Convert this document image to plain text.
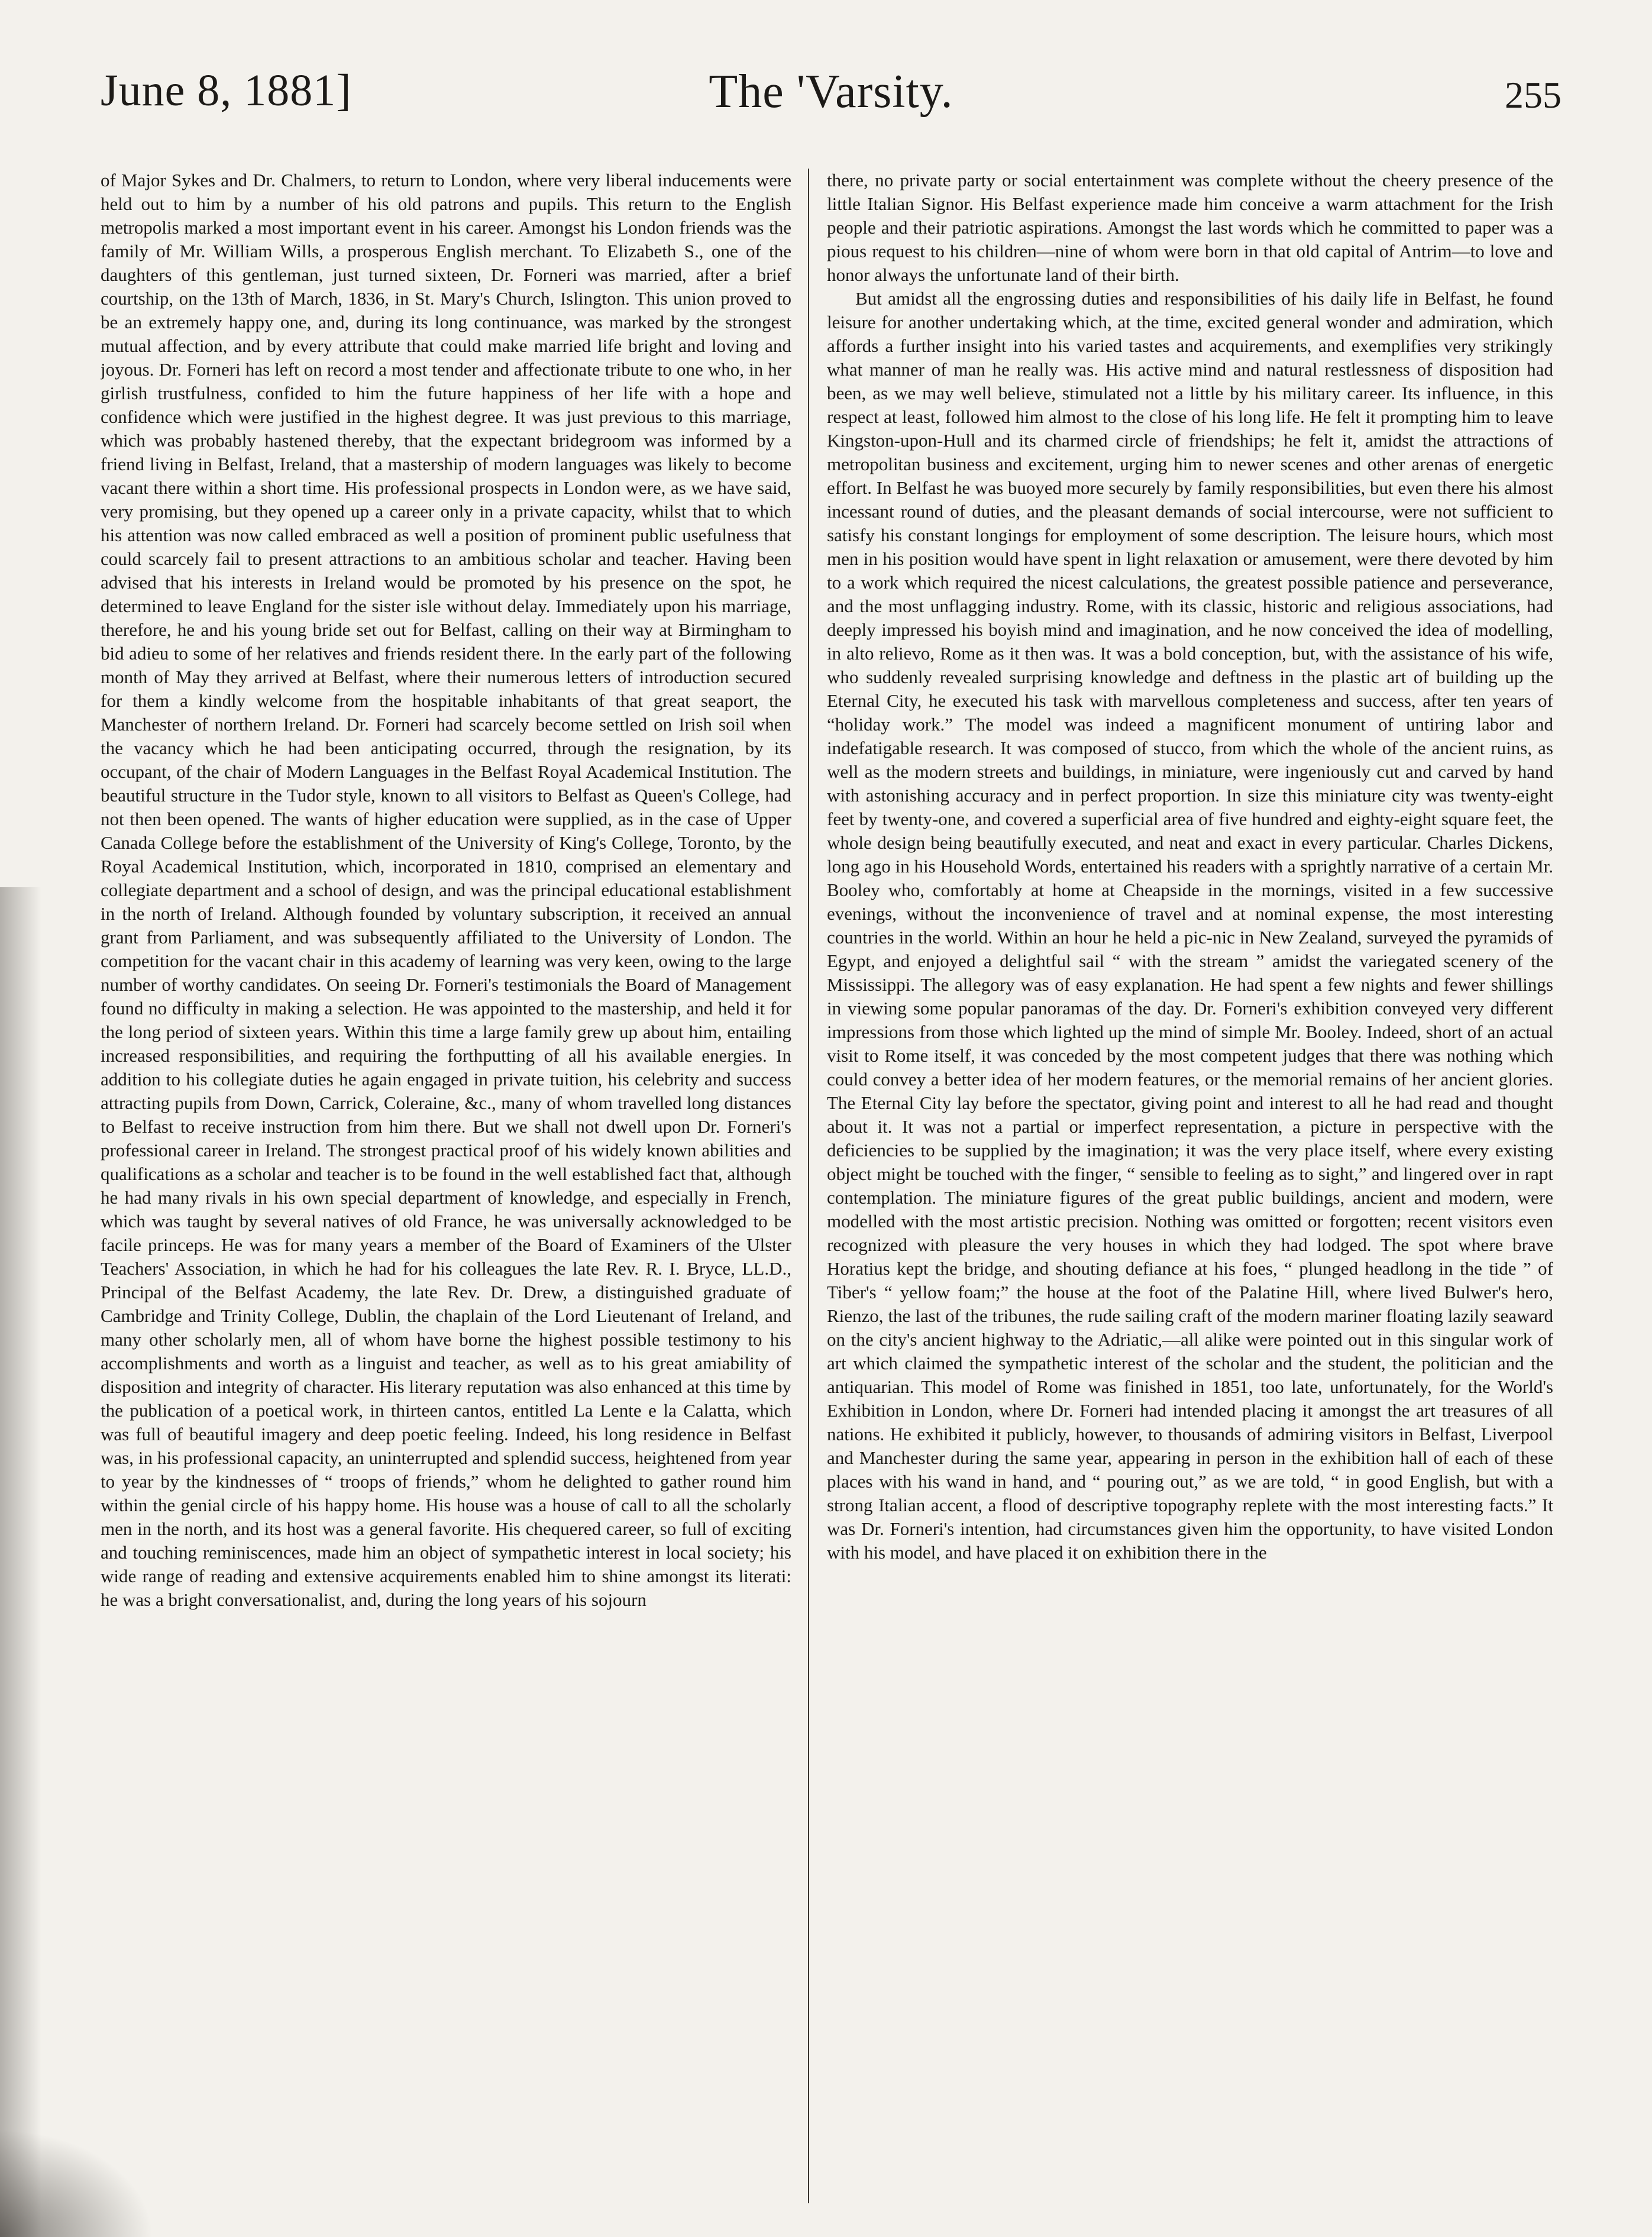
June 8, 1881]	The 'Varsity.	255

of Major Sykes and Dr. Chalmers, to return to London, where very liberal inducements were held out to him by a number of his old patrons and pupils. This return to the English metropolis marked a most important event in his career. Amongst his London friends was the family of Mr. William Wills, a prosperous English merchant. To Elizabeth S., one of the daughters of this gentleman, just turned sixteen, Dr. Forneri was married, after a brief courtship, on the 13th of March, 1836, in St. Mary's Church, Islington. This union proved to be an extremely happy one, and, during its long continuance, was marked by the strongest mutual affection, and by every attribute that could make married life bright and loving and joyous. Dr. Forneri has left on record a most tender and affectionate tribute to one who, in her girlish trustfulness, confided to him the future happiness of her life with a hope and confidence which were justified in the highest degree. It was just previous to this marriage, which was probably hastened thereby, that the expectant bridegroom was informed by a friend living in Belfast, Ireland, that a mastership of modern languages was likely to become vacant there within a short time. His professional prospects in London were, as we have said, very promising, but they opened up a career only in a private capacity, whilst that to which his attention was now called embraced as well a position of prominent public usefulness that could scarcely fail to present attractions to an ambitious scholar and teacher. Having been advised that his interests in Ireland would be promoted by his presence on the spot, he determined to leave England for the sister isle without delay. Immediately upon his marriage, therefore, he and his young bride set out for Belfast, calling on their way at Birmingham to bid adieu to some of her relatives and friends resident there. In the early part of the following month of May they arrived at Belfast, where their numerous letters of introduction secured for them a kindly welcome from the hospitable inhabitants of that great seaport, the Manchester of northern Ireland. Dr. Forneri had scarcely become settled on Irish soil when the vacancy which he had been anticipating occurred, through the resignation, by its occupant, of the chair of Modern Languages in the Belfast Royal Academical Institution. The beautiful structure in the Tudor style, known to all visitors to Belfast as Queen's College, had not then been opened. The wants of higher education were supplied, as in the case of Upper Canada College before the establishment of the University of King's College, Toronto, by the Royal Academical Institution, which, incorporated in 1810, comprised an elementary and collegiate department and a school of design, and was the principal educational establishment in the north of Ireland. Although founded by voluntary subscription, it received an annual grant from Parliament, and was subsequently affiliated to the University of London. The competition for the vacant chair in this academy of learning was very keen, owing to the large number of worthy candidates. On seeing Dr. Forneri's testimonials the Board of Management found no difficulty in making a selection. He was appointed to the mastership, and held it for the long period of sixteen years. Within this time a large family grew up about him, entailing increased responsibilities, and requiring the forthputting of all his available energies. In addition to his collegiate duties he again engaged in private tuition, his celebrity and success attracting pupils from Down, Carrick, Coleraine, &c., many of whom travelled long distances to Belfast to receive instruction from him there. But we shall not dwell upon Dr. Forneri's professional career in Ireland. The strongest practical proof of his widely known abilities and qualifications as a scholar and teacher is to be found in the well established fact that, although he had many rivals in his own special department of knowledge, and especially in French, which was taught by several natives of old France, he was universally acknowledged to be facile princeps. He was for many years a member of the Board of Examiners of the Ulster Teachers' Association, in which he had for his colleagues the late Rev. R. I. Bryce, LL.D., Principal of the Belfast Academy, the late Rev. Dr. Drew, a distinguished graduate of Cambridge and Trinity College, Dublin, the chaplain of the Lord Lieutenant of Ireland, and many other scholarly men, all of whom have borne the highest possible testimony to his accomplishments and worth as a linguist and teacher, as well as to his great amiability of disposition and integrity of character. His literary reputation was also enhanced at this time by the publication of a poetical work, in thirteen cantos, entitled La Lente e la Calatta, which was full of beautiful imagery and deep poetic feeling. Indeed, his long residence in Belfast was, in his professional capacity, an uninterrupted and splendid success, heightened from year to year by the kindnesses of “ troops of friends,” whom he delighted to gather round him within the genial circle of his happy home. His house was a house of call to all the scholarly men in the north, and its host was a general favorite. His chequered career, so full of exciting and touching reminiscences, made him an object of sympathetic interest in local society; his wide range of reading and extensive acquirements enabled him to shine amongst its literati: he was a bright conversationalist, and, during the long years of his sojourn

there, no private party or social entertainment was complete without the cheery presence of the little Italian Signor. His Belfast experience made him conceive a warm attachment for the Irish people and their patriotic aspirations. Amongst the last words which he committed to paper was a pious request to his children—nine of whom were born in that old capital of Antrim—to love and honor always the unfortunate land of their birth.

But amidst all the engrossing duties and responsibilities of his daily life in Belfast, he found leisure for another undertaking which, at the time, excited general wonder and admiration, which affords a further insight into his varied tastes and acquirements, and exemplifies very strikingly what manner of man he really was. His active mind and natural restlessness of disposition had been, as we may well believe, stimulated not a little by his military career. Its influence, in this respect at least, followed him almost to the close of his long life. He felt it prompting him to leave Kingston-upon-Hull and its charmed circle of friendships; he felt it, amidst the attractions of metropolitan business and excitement, urging him to newer scenes and other arenas of energetic effort. In Belfast he was buoyed more securely by family responsibilities, but even there his almost incessant round of duties, and the pleasant demands of social intercourse, were not sufficient to satisfy his constant longings for employment of some description. The leisure hours, which most men in his position would have spent in light relaxation or amusement, were there devoted by him to a work which required the nicest calculations, the greatest possible patience and perseverance, and the most unflagging industry. Rome, with its classic, historic and religious associations, had deeply impressed his boyish mind and imagination, and he now conceived the idea of modelling, in alto relievo, Rome as it then was. It was a bold conception, but, with the assistance of his wife, who suddenly revealed surprising knowledge and deftness in the plastic art of building up the Eternal City, he executed his task with marvellous completeness and success, after ten years of “holiday work.” The model was indeed a magnificent monument of untiring labor and indefatigable research. It was composed of stucco, from which the whole of the ancient ruins, as well as the modern streets and buildings, in miniature, were ingeniously cut and carved by hand with astonishing accuracy and in perfect proportion. In size this miniature city was twenty-eight feet by twenty-one, and covered a superficial area of five hundred and eighty-eight square feet, the whole design being beautifully executed, and neat and exact in every particular. Charles Dickens, long ago in his Household Words, entertained his readers with a sprightly narrative of a certain Mr. Booley who, comfortably at home at Cheapside in the mornings, visited in a few successive evenings, without the inconvenience of travel and at nominal expense, the most interesting countries in the world. Within an hour he held a pic-nic in New Zealand, surveyed the pyramids of Egypt, and enjoyed a delightful sail “ with the stream ” amidst the variegated scenery of the Mississippi. The allegory was of easy explanation. He had spent a few nights and fewer shillings in viewing some popular panoramas of the day. Dr. Forneri's exhibition conveyed very different impressions from those which lighted up the mind of simple Mr. Booley. Indeed, short of an actual visit to Rome itself, it was conceded by the most competent judges that there was nothing which could convey a better idea of her modern features, or the memorial remains of her ancient glories. The Eternal City lay before the spectator, giving point and interest to all he had read and thought about it. It was not a partial or imperfect representation, a picture in perspective with the deficiencies to be supplied by the imagination; it was the very place itself, where every existing object might be touched with the finger, “ sensible to feeling as to sight,” and lingered over in rapt contemplation. The miniature figures of the great public buildings, ancient and modern, were modelled with the most artistic precision. Nothing was omitted or forgotten; recent visitors even recognized with pleasure the very houses in which they had lodged. The spot where brave Horatius kept the bridge, and shouting defiance at his foes, “ plunged headlong in the tide ” of Tiber's “ yellow foam;” the house at the foot of the Palatine Hill, where lived Bulwer's hero, Rienzo, the last of the tribunes, the rude sailing craft of the modern mariner floating lazily seaward on the city's ancient highway to the Adriatic,—all alike were pointed out in this singular work of art which claimed the sympathetic interest of the scholar and the student, the politician and the antiquarian. This model of Rome was finished in 1851, too late, unfortunately, for the World's Exhibition in London, where Dr. Forneri had intended placing it amongst the art treasures of all nations. He exhibited it publicly, however, to thousands of admiring visitors in Belfast, Liverpool and Manchester during the same year, appearing in person in the exhibition hall of each of these places with his wand in hand, and “ pouring out,” as we are told, “ in good English, but with a strong Italian accent, a flood of descriptive topography replete with the most interesting facts.” It was Dr. Forneri's intention, had circumstances given him the opportunity, to have visited London with his model, and have placed it on exhibition there in the
